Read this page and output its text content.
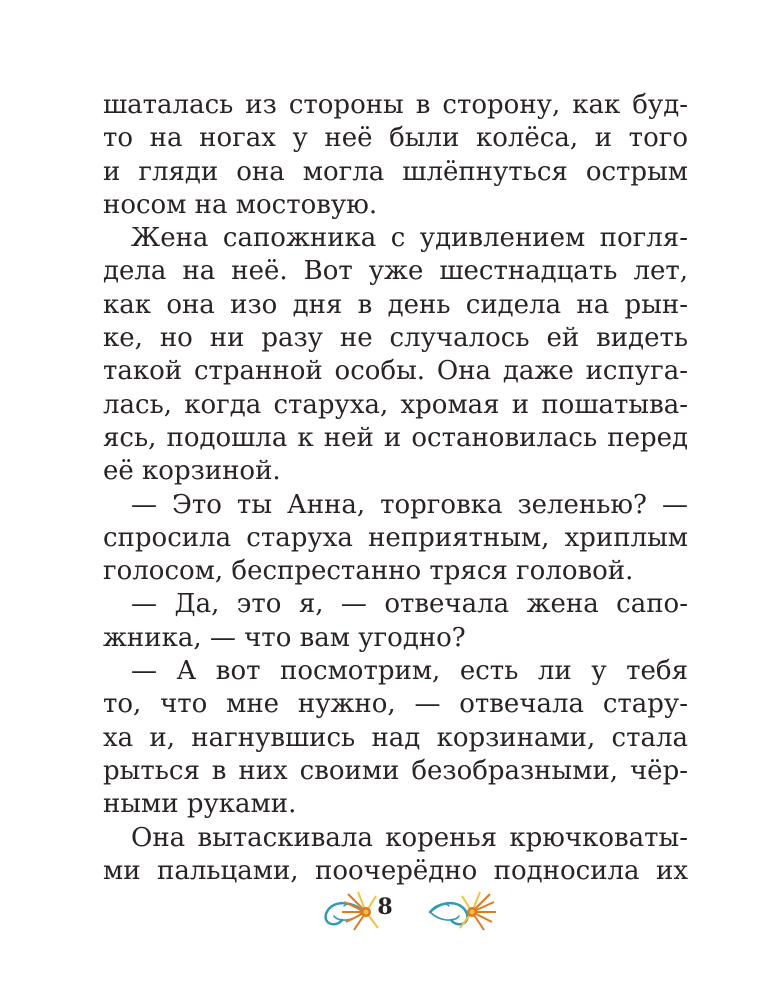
шаталась из стороны в сторону, как буд-
то на ногах у неё были колёса, и того
и гляди она могла шлёпнуться острым
носом на мостовую.
Жена сапожника с удивлением погля-
дела на неё. Вот уже шестнадцать лет,
как она изо дня в день сидела на рын-
ке, но ни разу не случалось ей видеть
такой странной особы. Она даже испуга-
лась, когда старуха, хромая и пошатыва-
ясь, подошла к ней и остановилась перед
её корзиной.
— Это ты Анна, торговка зеленью? —
спросила старуха неприятным, хриплым
голосом, беспрестанно тряся головой.
— Да, это я, — отвечала жена сапо-
жника, — что вам угодно?
— А вот посмотрим, есть ли у тебя
то, что мне нужно, — отвечала стару-
ха и, нагнувшись над корзинами, стала
рыться в них своими безобразными, чёр-
ными руками.
Она вытаскивала коренья крючковаты-
ми пальцами, поочерёдно подносила их
8
